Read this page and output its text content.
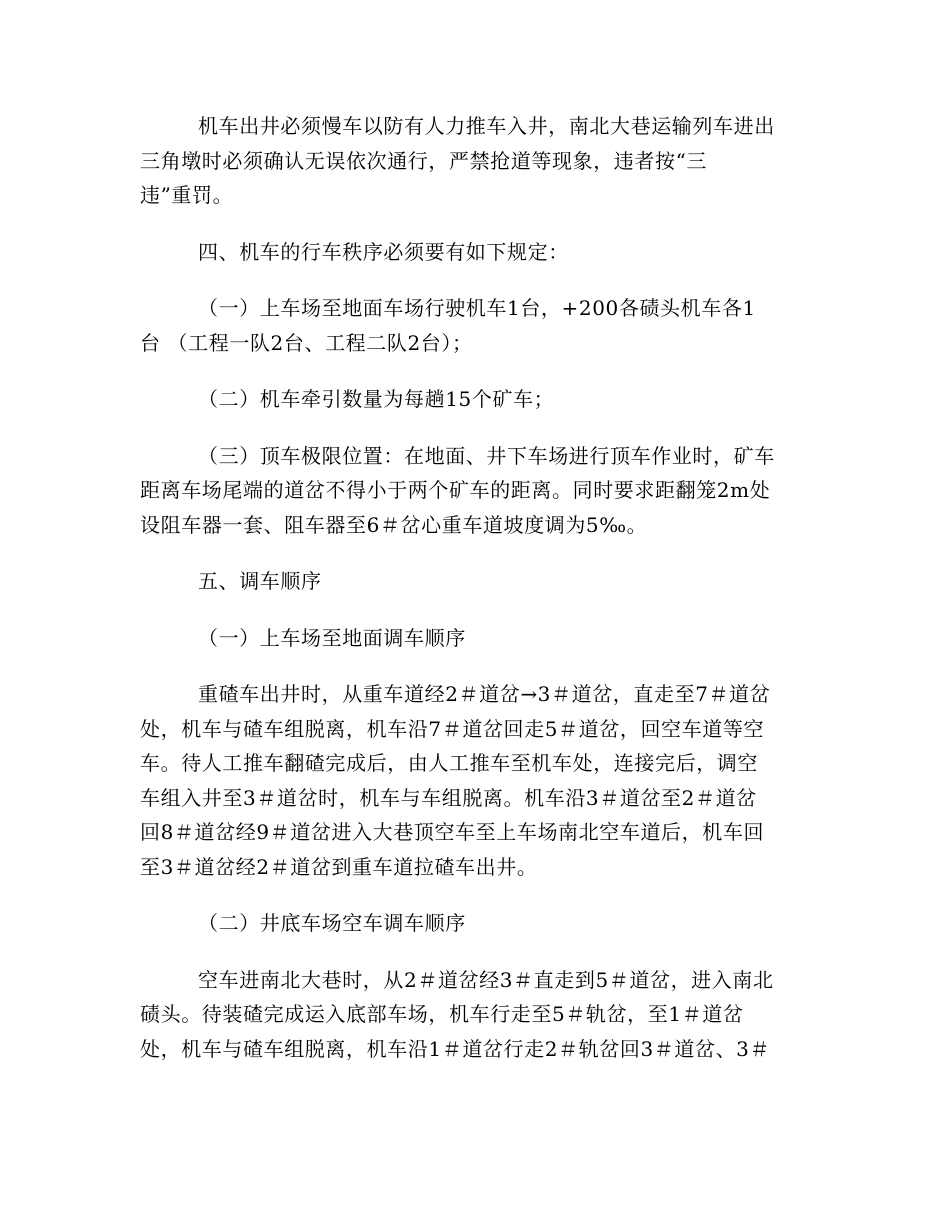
机车出井必须慢车以防有人力推车入井，南北大巷运输列车进出
三角墩时必须确认无误依次通行，严禁抢道等现象，违者按“三
违”重罚。

四、机车的行车秩序必须要有如下规定：

（一）上车场至地面车场行驶机车1台，+200各碛头机车各1
台 （工程一队2台、工程二队2台）；

（二）机车牵引数量为每趟15个矿车；

（三）顶车极限位置：在地面、井下车场进行顶车作业时，矿车
距离车场尾端的道岔不得小于两个矿车的距离。同时要求距翻笼2m处
设阻车器一套、阻车器至6＃岔心重车道坡度调为5‰。

五、调车顺序

（一）上车场至地面调车顺序

重碴车出井时，从重车道经2＃道岔→3＃道岔，直走至7＃道岔
处，机车与碴车组脱离，机车沿7＃道岔回走5＃道岔，回空车道等空
车。待人工推车翻碴完成后，由人工推车至机车处，连接完后，调空
车组入井至3＃道岔时，机车与车组脱离。机车沿3＃道岔至2＃道岔
回8＃道岔经9＃道岔进入大巷顶空车至上车场南北空车道后，机车回
至3＃道岔经2＃道岔到重车道拉碴车出井。

（二）井底车场空车调车顺序

空车进南北大巷时，从2＃道岔经3＃直走到5＃道岔，进入南北
碛头。待装碴完成运入底部车场，机车行走至5＃轨岔，至1＃道岔
处，机车与碴车组脱离，机车沿1＃道岔行走2＃轨岔回3＃道岔、3＃
